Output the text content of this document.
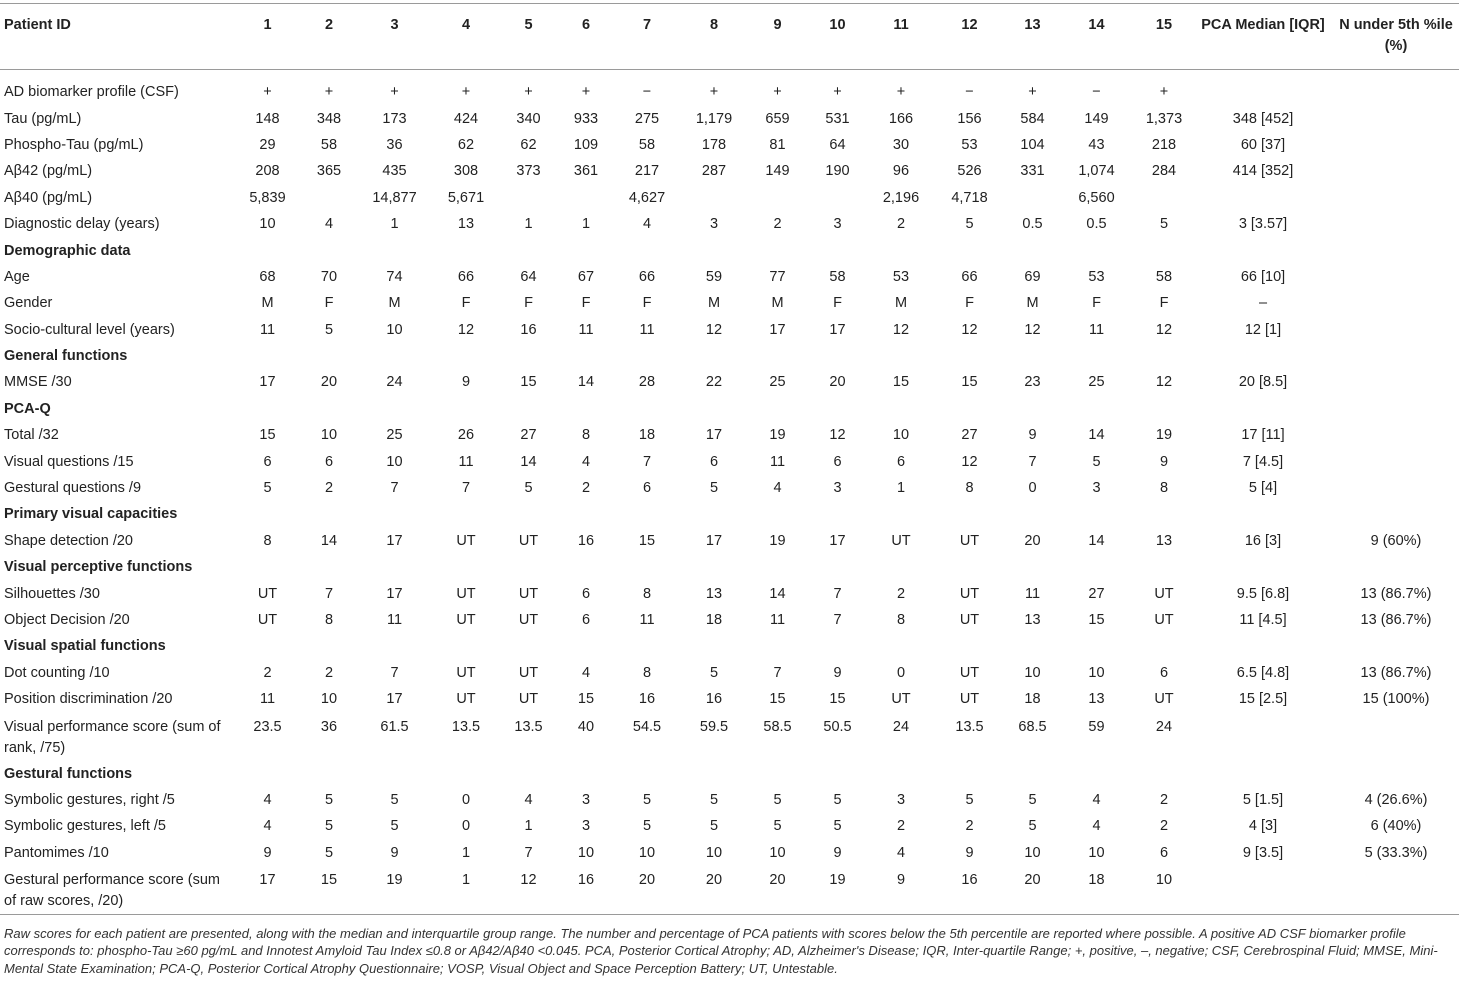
Patient ID	1	2	3	4	5	6	7	8	9	10	11	12	13	14	15	PCA Median [IQR]	N under 5th %ile (%)

AD biomarker profile (CSF)	+	+	+	+	+	+	−	+	+	+	+	−	+	−	+		
Tau (pg/mL)	148	348	173	424	340	933	275	1,179	659	531	166	156	584	149	1,373	348 [452]	
Phospho-Tau (pg/mL)	29	58	36	62	62	109	58	178	81	64	30	53	104	43	218	60 [37]	
Aβ42 (pg/mL)	208	365	435	308	373	361	217	287	149	190	96	526	331	1,074	284	414 [352]	
Aβ40 (pg/mL)	5,839		14,877	5,671			4,627				2,196	4,718		6,560			
Diagnostic delay (years)	10	4	1	13	1	1	4	3	2	3	2	5	0.5	0.5	5	3 [3.57]	
Demographic data																	
Age	68	70	74	66	64	67	66	59	77	58	53	66	69	53	58	66 [10]	
Gender	M	F	M	F	F	F	F	M	M	F	M	F	M	F	F	–	
Socio-cultural level (years)	11	5	10	12	16	11	11	12	17	17	12	12	12	11	12	12 [1]	
General functions																	
MMSE /30	17	20	24	9	15	14	28	22	25	20	15	15	23	25	12	20 [8.5]	
PCA-Q																	
Total /32	15	10	25	26	27	8	18	17	19	12	10	27	9	14	19	17 [11]	
Visual questions /15	6	6	10	11	14	4	7	6	11	6	6	12	7	5	9	7 [4.5]	
Gestural questions /9	5	2	7	7	5	2	6	5	4	3	1	8	0	3	8	5 [4]	
Primary visual capacities																	
Shape detection /20	8	14	17	UT	UT	16	15	17	19	17	UT	UT	20	14	13	16 [3]	9 (60%)
Visual perceptive functions																	
Silhouettes /30	UT	7	17	UT	UT	6	8	13	14	7	2	UT	11	27	UT	9.5 [6.8]	13 (86.7%)
Object Decision /20	UT	8	11	UT	UT	6	11	18	11	7	8	UT	13	15	UT	11 [4.5]	13 (86.7%)
Visual spatial functions																	
Dot counting /10	2	2	7	UT	UT	4	8	5	7	9	0	UT	10	10	6	6.5 [4.8]	13 (86.7%)
Position discrimination /20	11	10	17	UT	UT	15	16	16	15	15	UT	UT	18	13	UT	15 [2.5]	15 (100%)
Visual performance score (sum of rank, /75)	23.5	36	61.5	13.5	13.5	40	54.5	59.5	58.5	50.5	24	13.5	68.5	59	24		
Gestural functions																	
Symbolic gestures, right /5	4	5	5	0	4	3	5	5	5	5	3	5	5	4	2	5 [1.5]	4 (26.6%)
Symbolic gestures, left /5	4	5	5	0	1	3	5	5	5	5	2	2	5	4	2	4 [3]	6 (40%)
Pantomimes /10	9	5	9	1	7	10	10	10	10	9	4	9	10	10	6	9 [3.5]	5 (33.3%)
Gestural performance score (sum of raw scores, /20)	17	15	19	1	12	16	20	20	20	19	9	16	20	18	10		
Raw scores for each patient are presented, along with the median and interquartile group range. The number and percentage of PCA patients with scores below the 5th percentile are reported where possible. A positive AD CSF biomarker profile corresponds to: phospho-Tau ≥60 pg/mL and Innotest Amyloid Tau Index ≤0.8 or Aβ42/Aβ40 <0.045. PCA, Posterior Cortical Atrophy; AD, Alzheimer's Disease; IQR, Inter-quartile Range; +, positive, –, negative; CSF, Cerebrospinal Fluid; MMSE, Mini-Mental State Examination; PCA-Q, Posterior Cortical Atrophy Questionnaire; VOSP, Visual Object and Space Perception Battery; UT, Untestable.
